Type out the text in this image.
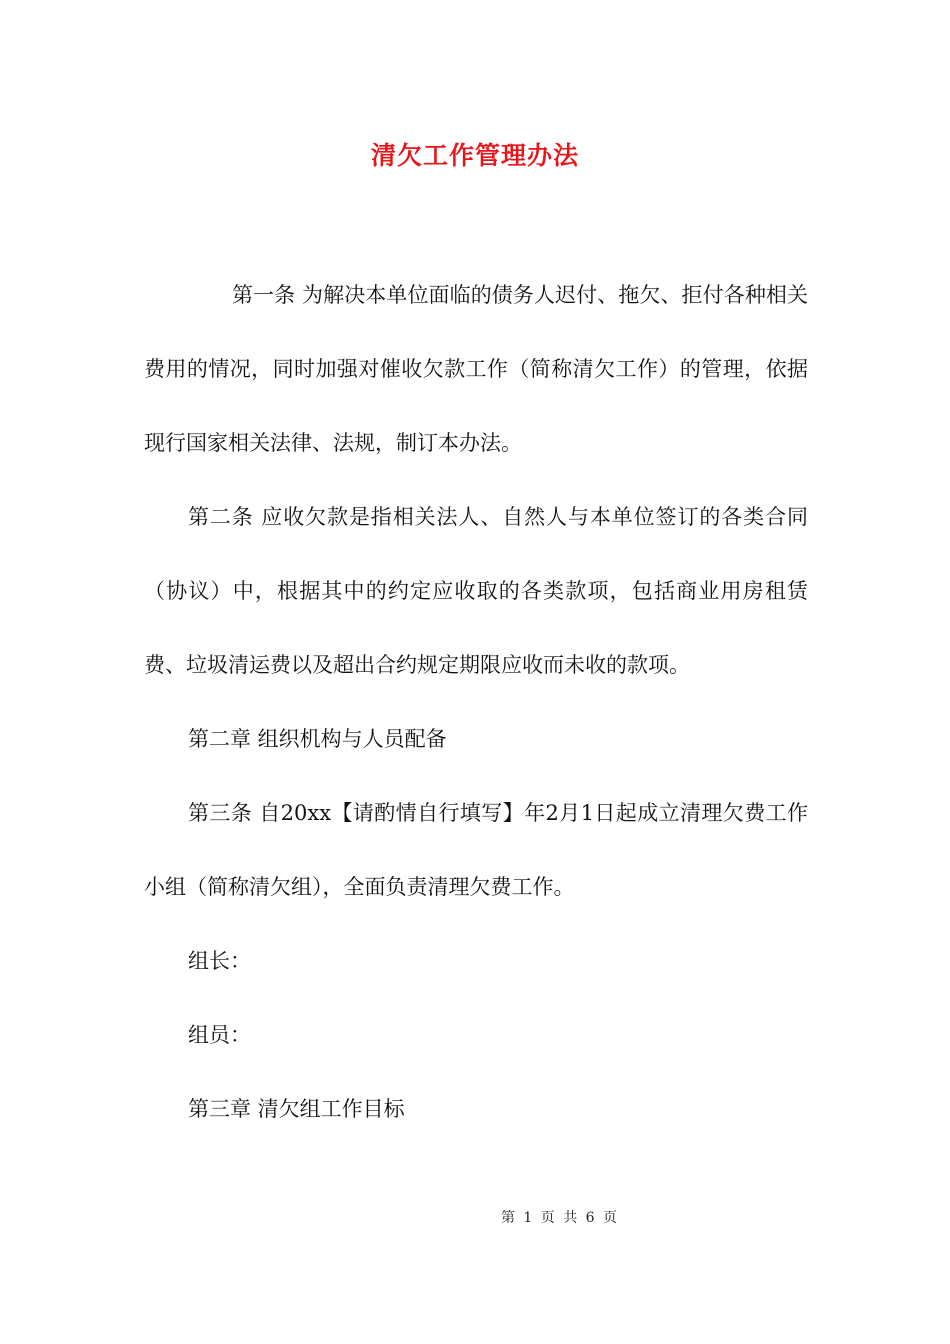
清欠工作管理办法

第一条 为解决本单位面临的债务人迟付、拖欠、拒付各种相关费用的情况，同时加强对催收欠款工作（简称清欠工作）的管理，依据现行国家相关法律、法规，制订本办法。

第二条 应收欠款是指相关法人、自然人与本单位签订的各类合同（协议）中，根据其中的约定应收取的各类款项，包括商业用房租赁费、垃圾清运费以及超出合约规定期限应收而未收的款项。

第二章 组织机构与人员配备

第三条 自20xx【请酌情自行填写】年2月1日起成立清理欠费工作小组（简称清欠组），全面负责清理欠费工作。

组长：

组员：

第三章 清欠组工作目标

第 1 页 共 6 页
